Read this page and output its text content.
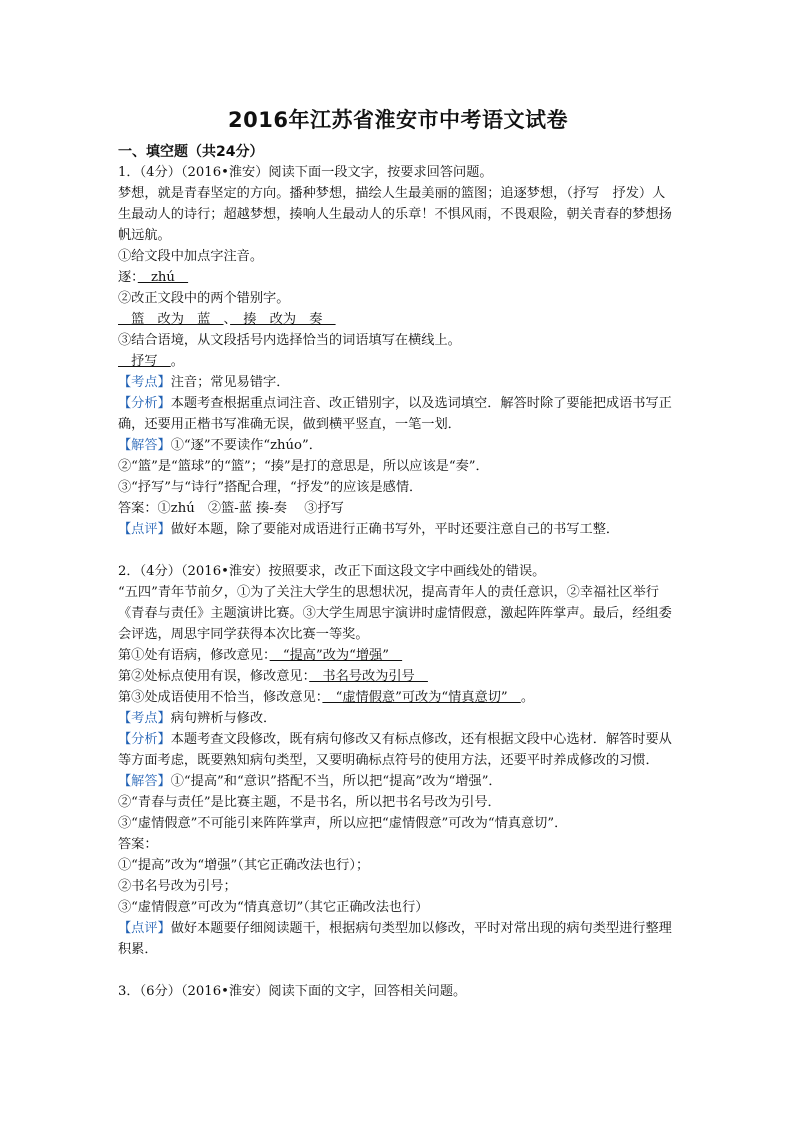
2016年江苏省淮安市中考语文试卷
一、填空题（共24分）

1．（4分）（2016•淮安）阅读下面一段文字，按要求回答问题。

梦想，就是青春坚定的方向。播种梦想，描绘人生最美丽的篮图；追逐梦想，（抒写　抒发）人生最动人的诗行；超越梦想，揍响人生最动人的乐章！不惧风雨，不畏艰险，朝关青春的梦想扬帆远航。

①给文段中加点字注音。

逐：　zhú　

②改正文段中的两个错别字。

　篮　改为　蓝　、　揍　改为　奏　

③结合语境，从文段括号内选择恰当的词语填写在横线上。

　抒写　。

【考点】注音；常见易错字．

【分析】本题考查根据重点词注音、改正错别字，以及选词填空．解答时除了要能把成语书写正确，还要用正楷书写准确无误，做到横平竖直，一笔一划．

【解答】①“逐”不要读作“zhúo”．

②“篮”是“篮球”的“篮”；“揍”是打的意思是，所以应该是“奏”．

③“抒写”与“诗行”搭配合理，“抒发”的应该是感情．

答案：①zhú　②篮-蓝 揍-奏　 ③抒写

【点评】做好本题，除了要能对成语进行正确书写外，平时还要注意自己的书写工整．

2．（4分）（2016•淮安）按照要求，改正下面这段文字中画线处的错误。

“五四”青年节前夕，①为了关注大学生的思想状况，提高青年人的责任意识，②幸福社区举行《青春与责任》主题演讲比赛。③大学生周思宇演讲时虚情假意，激起阵阵掌声。最后，经组委会评选，周思宇同学获得本次比赛一等奖。

第①处有语病，修改意见：　“提高”改为“增强”　

第②处标点使用有误，修改意见：　书名号改为引号　

第③处成语使用不恰当，修改意见：　“虚情假意”可改为“情真意切”　。

【考点】病句辨析与修改．

【分析】本题考查文段修改，既有病句修改又有标点修改，还有根据文段中心选材．解答时要从等方面考虑，既要熟知病句类型，又要明确标点符号的使用方法，还要平时养成修改的习惯．

【解答】①“提高”和“意识”搭配不当，所以把“提高”改为“增强”．

②“青春与责任”是比赛主题，不是书名，所以把书名号改为引号．

③“虚情假意”不可能引来阵阵掌声，所以应把“虚情假意”可改为“情真意切”．

答案：

①“提高”改为“增强”（其它正确改法也行）；

②书名号改为引号；

③“虚情假意”可改为“情真意切”（其它正确改法也行）

【点评】做好本题要仔细阅读题干，根据病句类型加以修改，平时对常出现的病句类型进行整理积累．

3．（6分）（2016•淮安）阅读下面的文字，回答相关问题。
